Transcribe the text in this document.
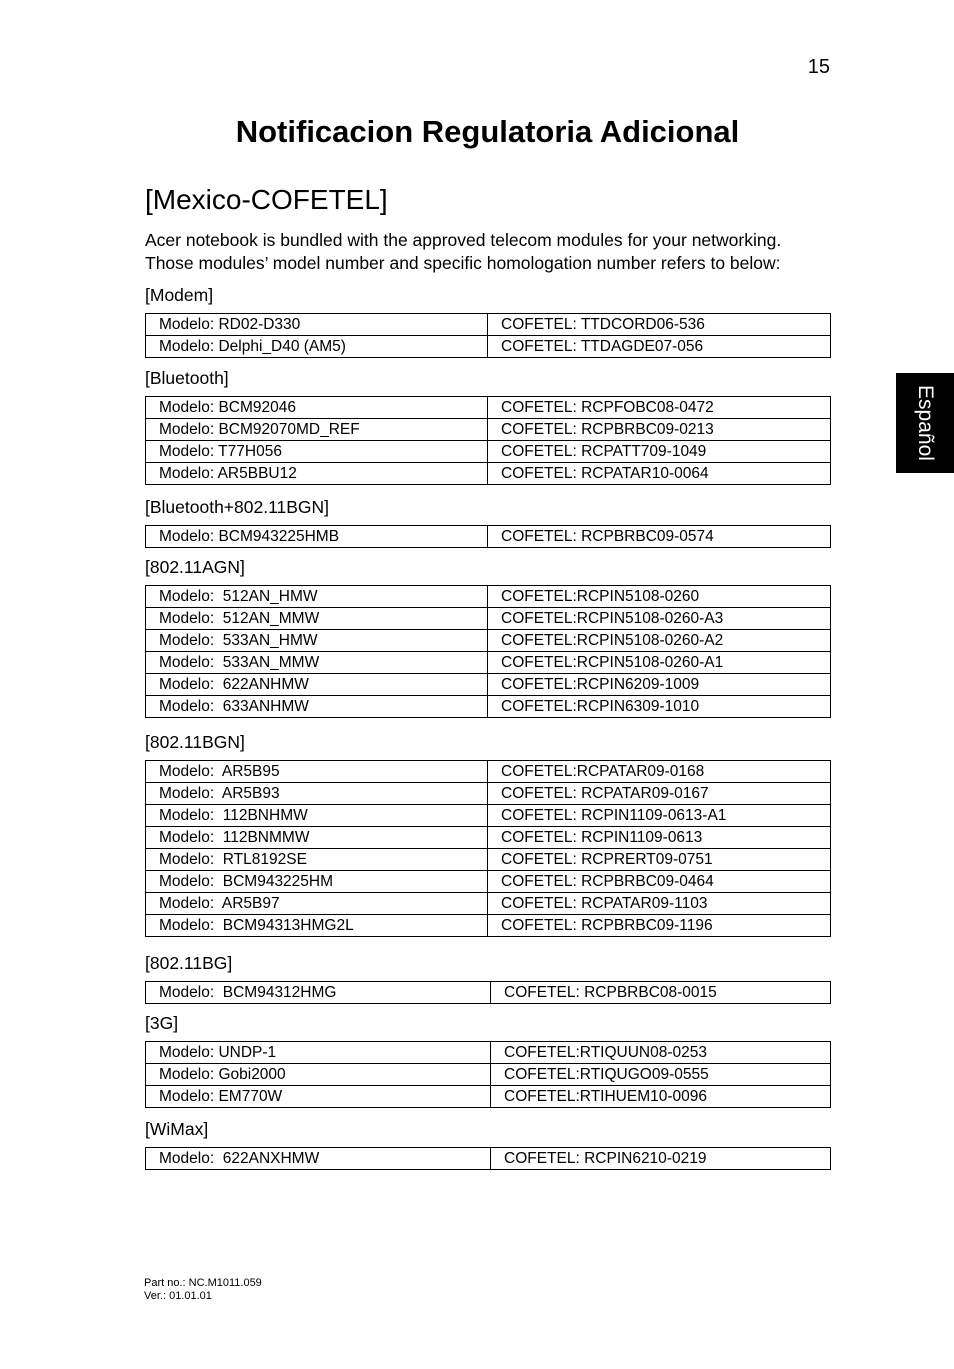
15
Notificacion Regulatoria Adicional
[Mexico-COFETEL]

Acer notebook is bundled with the approved telecom modules for your networking.
Those modules’ model number and specific homologation number refers to below:

Español
[Modem]
Modelo: RD02-D330	COFETEL: TTDCORD06-536
Modelo: Delphi_D40 (AM5)	COFETEL: TTDAGDE07-056
[Bluetooth]
Modelo: BCM92046	COFETEL: RCPFOBC08-0472
Modelo: BCM92070MD_REF	COFETEL: RCPBRBC09-0213
Modelo: T77H056	COFETEL: RCPATT709-1049
Modelo: AR5BBU12	COFETEL: RCPATAR10-0064
[Bluetooth+802.11BGN]
Modelo: BCM943225HMB	COFETEL: RCPBRBC09-0574
[802.11AGN]
Modelo:  512AN_HMW	COFETEL:RCPIN5108-0260
Modelo:  512AN_MMW	COFETEL:RCPIN5108-0260-A3
Modelo:  533AN_HMW	COFETEL:RCPIN5108-0260-A2
Modelo:  533AN_MMW	COFETEL:RCPIN5108-0260-A1
Modelo:  622ANHMW	COFETEL:RCPIN6209-1009
Modelo:  633ANHMW	COFETEL:RCPIN6309-1010
[802.11BGN]
Modelo:  AR5B95	COFETEL:RCPATAR09-0168
Modelo:  AR5B93	COFETEL: RCPATAR09-0167
Modelo:  112BNHMW	COFETEL: RCPIN1109-0613-A1
Modelo:  112BNMMW	COFETEL: RCPIN1109-0613
Modelo:  RTL8192SE	COFETEL: RCPRERT09-0751
Modelo:  BCM943225HM	COFETEL: RCPBRBC09-0464
Modelo:  AR5B97	COFETEL: RCPATAR09-1103
Modelo:  BCM94313HMG2L	COFETEL: RCPBRBC09-1196
[802.11BG]
Modelo:  BCM94312HMG	COFETEL: RCPBRBC08-0015
[3G]
Modelo: UNDP-1	COFETEL:RTIQUUN08-0253
Modelo: Gobi2000	COFETEL:RTIQUGO09-0555
Modelo: EM770W	COFETEL:RTIHUEM10-0096
[WiMax]
Modelo:  622ANXHMW	COFETEL: RCPIN6210-0219
Part no.: NC.M1011.059
Ver.: 01.01.01
